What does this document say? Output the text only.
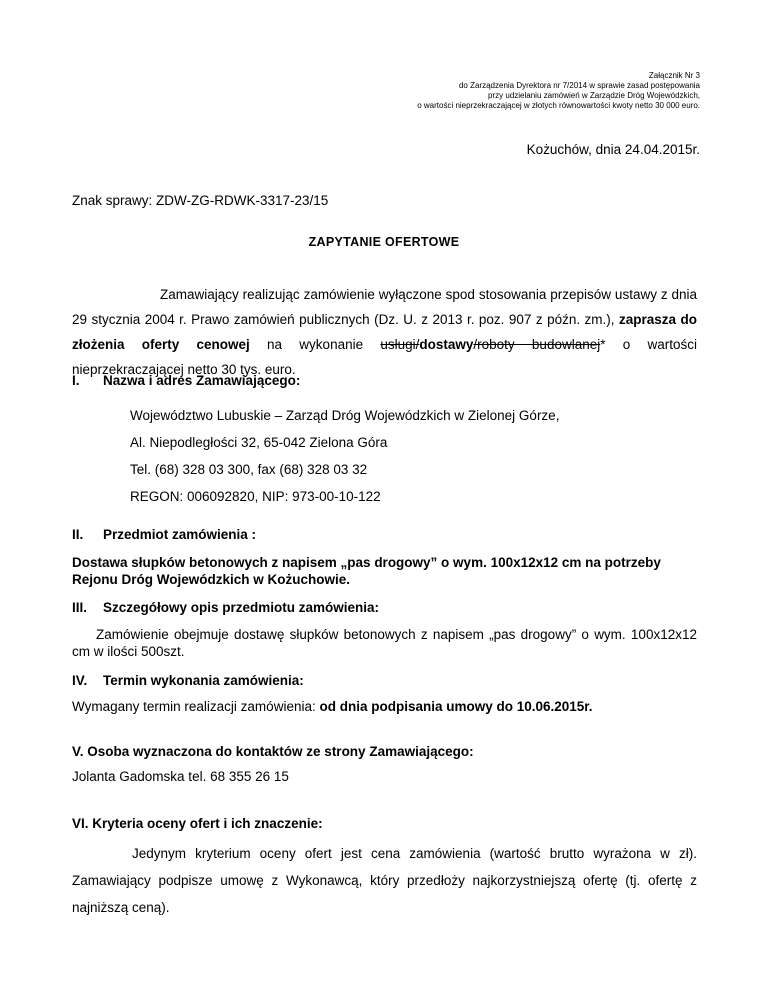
Załącznik Nr 3
do Zarządzenia Dyrektora nr 7/2014 w sprawie zasad postępowania
przy udzielaniu zamówień w Zarządzie Dróg Wojewódzkich,
o wartości nieprzekraczającej w złotych równowartości kwoty netto 30 000 euro.
Kożuchów, dnia 24.04.2015r.
Znak sprawy: ZDW-ZG-RDWK-3317-23/15
ZAPYTANIE OFERTOWE
Zamawiający realizując zamówienie wyłączone spod stosowania przepisów ustawy z dnia 29 stycznia 2004 r. Prawo zamówień publicznych (Dz. U. z 2013 r. poz. 907 z późn. zm.), zaprasza do złożenia oferty cenowej na wykonanie usługi/dostawy/roboty budowlanej* o wartości nieprzekraczającej netto 30 tys. euro.
I. Nazwa i adres Zamawiającego:
Województwo Lubuskie – Zarząd Dróg Wojewódzkich w Zielonej Górze,
Al. Niepodległości 32, 65-042 Zielona Góra
Tel. (68) 328 03 300, fax (68) 328 03 32
REGON: 006092820, NIP: 973-00-10-122
II. Przedmiot zamówienia :
Dostawa słupków betonowych z napisem „pas drogowy” o wym. 100x12x12 cm na potrzeby Rejonu Dróg Wojewódzkich w Kożuchowie.
III. Szczegółowy opis przedmiotu zamówienia:
Zamówienie obejmuje dostawę słupków betonowych z napisem „pas drogowy” o wym. 100x12x12 cm w ilości 500szt.
IV. Termin wykonania zamówienia:
Wymagany termin realizacji zamówienia: od dnia podpisania umowy do 10.06.2015r.
V. Osoba wyznaczona do kontaktów ze strony Zamawiającego:
Jolanta Gadomska tel. 68 355 26 15
VI. Kryteria oceny ofert i ich znaczenie:
Jedynym kryterium oceny ofert jest cena zamówienia (wartość brutto wyrażona w zł). Zamawiający podpisze umowę z Wykonawcą, który przedłoży najkorzystniejszą ofertę (tj. ofertę z najniższą ceną).
